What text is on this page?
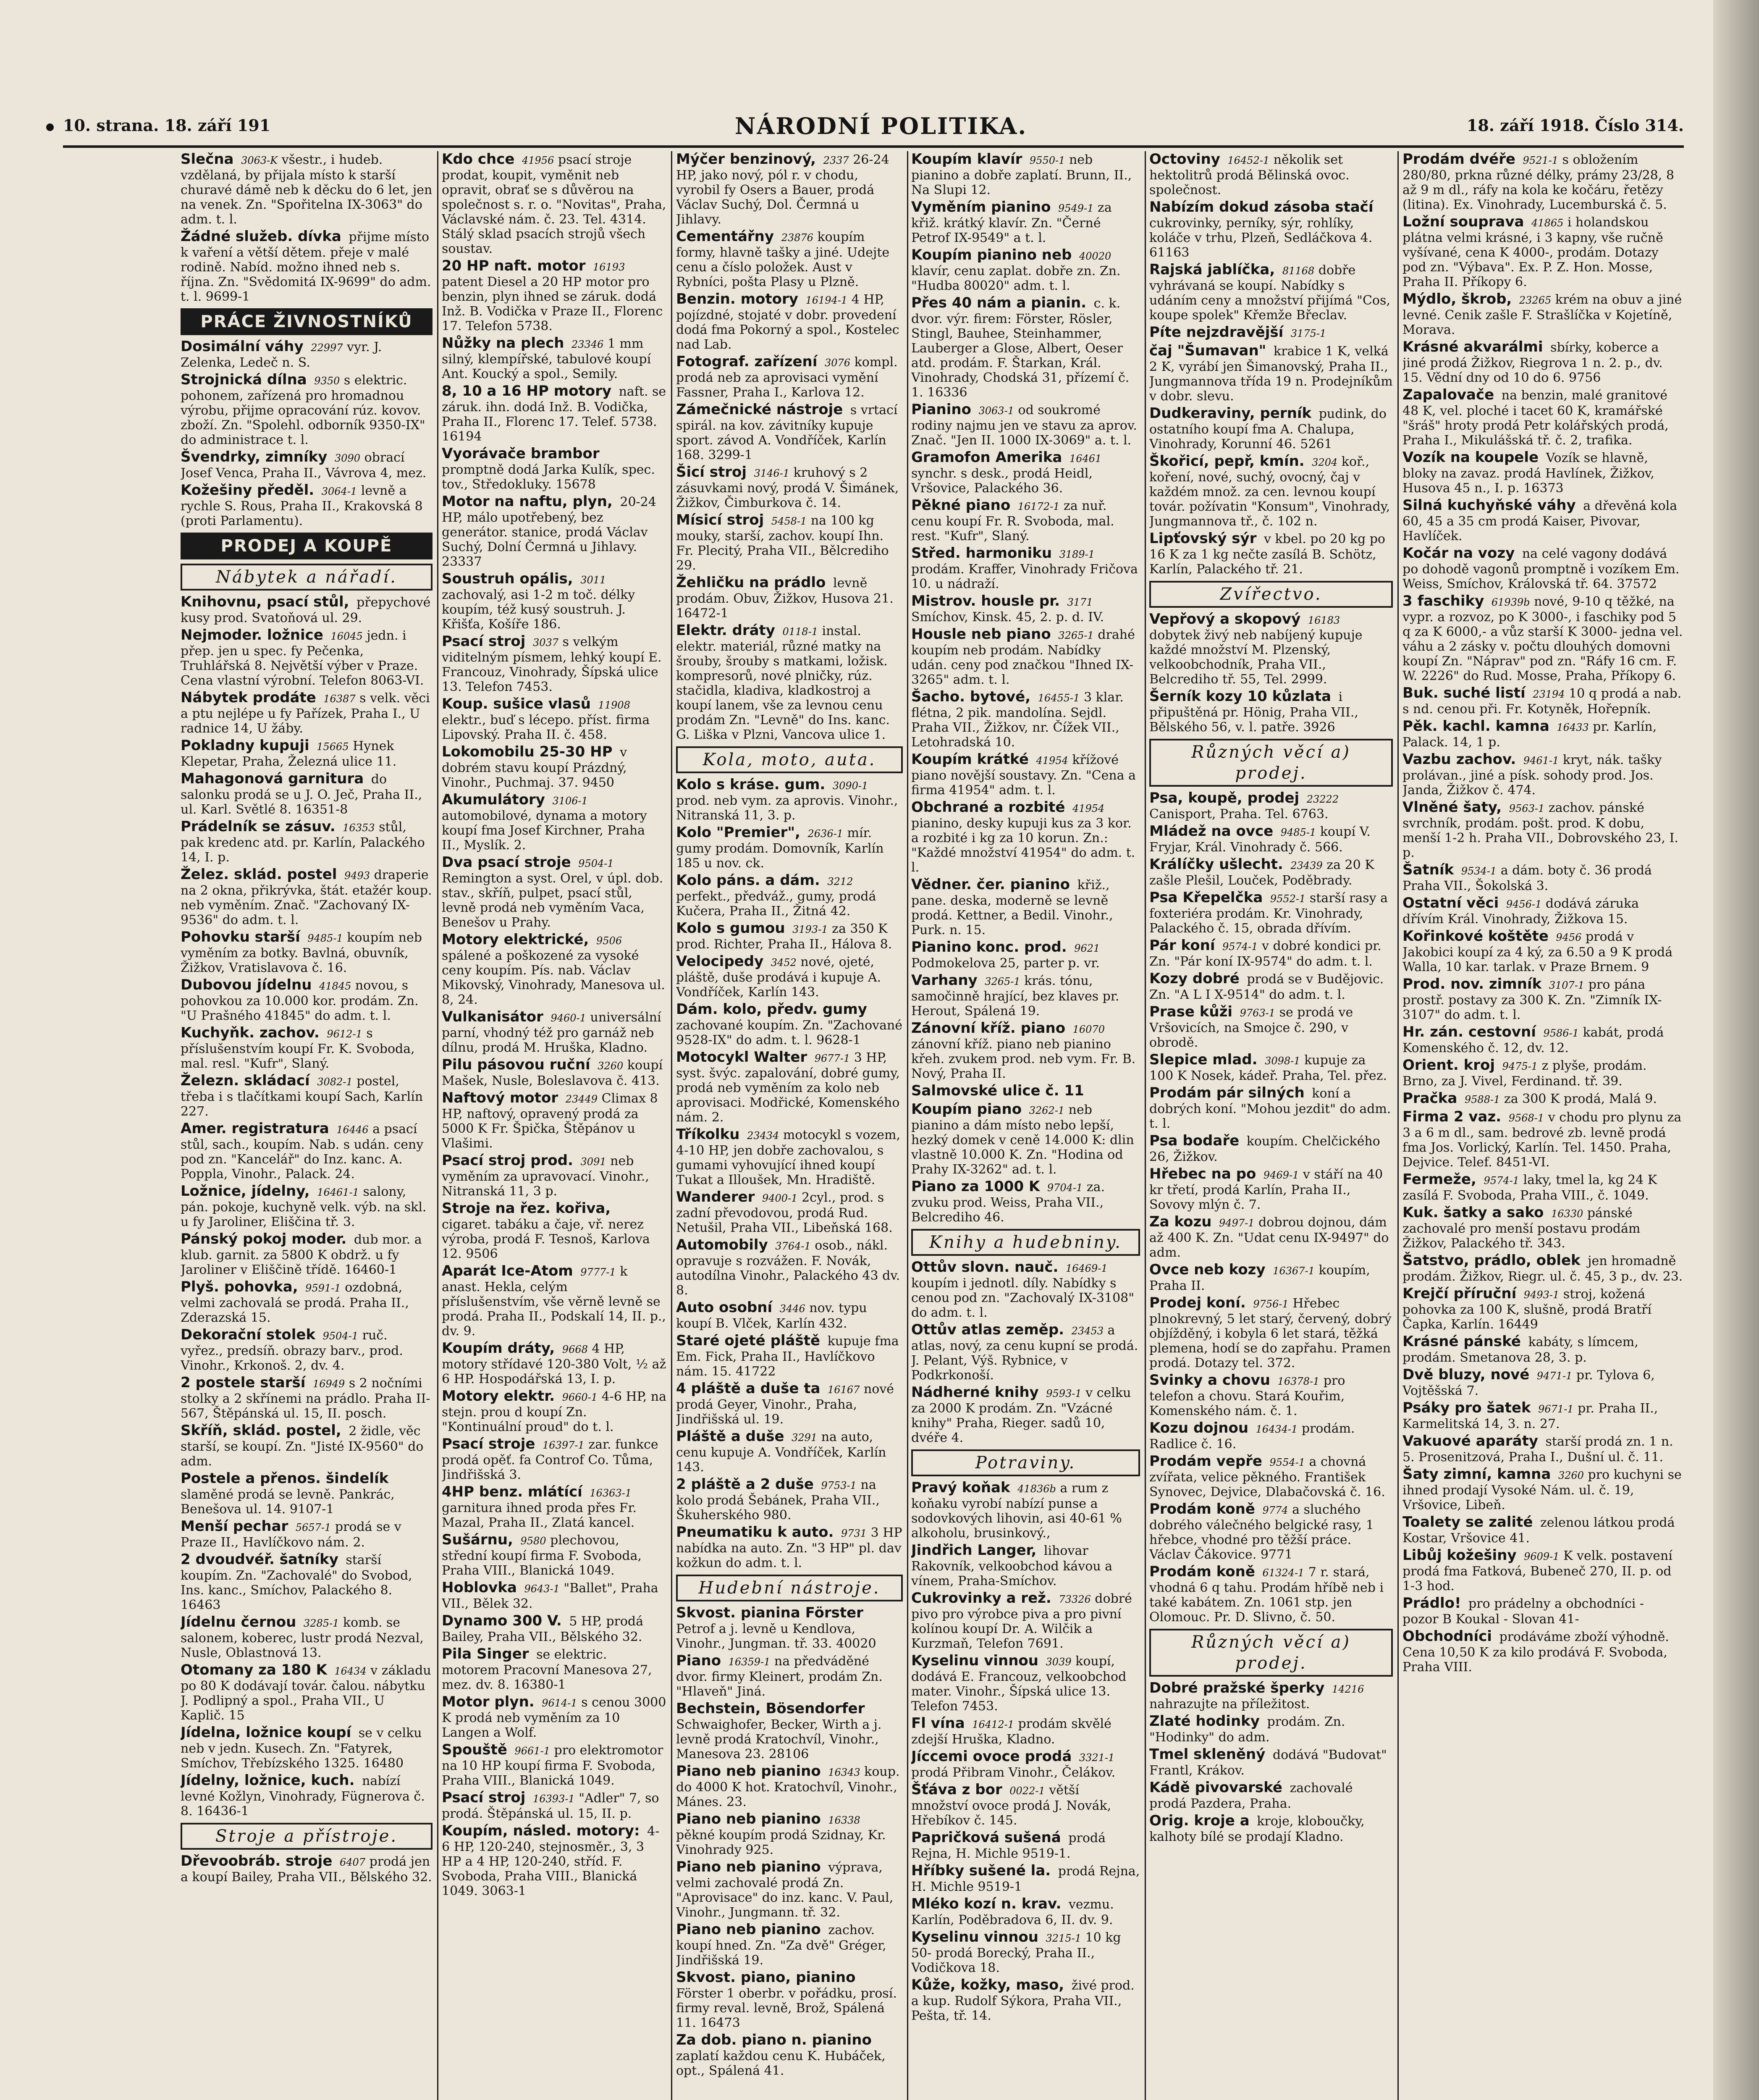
10. strana. 18. září 191	NÁRODNÍ POLITIKA.	18. září 1918. Číslo 314.

Slečna 3063-K všestr., i hudeb. vzdělaná, by přijala místo k starší churavé dámě neb k děcku do 6 let, jen na venek. Zn. "Spořitelna IX-3063" do adm. t. l.

Žádné služeb. dívka přijme místo k vaření a větší dětem. přeje v malé rodině. Nabíd. možno ihned neb s. října. Zn. "Svědomitá IX-9699" do adm. t. l. 9699-1

PRÁCE ŽIVNOSTNÍKŮ

Dosimální váhy 22997 vyr. J. Zelenka, Ledeč n. S.

Strojnická dílna 9350 s elektric. pohonem, zařízená pro hromadnou výrobu, přijme opracování rúz. kovov. zboží. Zn. "Spolehl. odborník 9350-IX" do administrace t. l.

Švendrky, zimníky 3090 obrací Josef Venca, Praha II., Vávrova 4, mez.

Kožešiny předěl. 3064-1 levně a rychle S. Rous, Praha II., Krakovská 8 (proti Parlamentu).

PRODEJ A KOUPĚ
Nábytek a nářadí.

Knihovnu, psací stůl, přepychové kusy prod. Svatoňová ul. 29.

Nejmoder. ložnice 16045 jedn. i přep. jen u spec. fy Pečenka, Truhlářská 8. Největší výber v Praze. Cena vlastní výrobní. Telefon 8063-VI.

Nábytek prodáte 16387 s velk. věci a ptu nejlépe u fy Pařízek, Praha I., U radnice 14, U žáby.

Pokladny kupuji 15665 Hynek Klepetar, Praha, Železná ulice 11.

Mahagonová garnitura do salonku prodá se u J. O. Ječ, Praha II., ul. Karl. Světlé 8. 16351-8

Prádelník se zásuv. 16353 stůl, pak kredenc atd. pr. Karlín, Palackého 14, I. p.

Želez. sklád. postel 9493 draperie na 2 okna, přikrývka, štát. etažér koup. neb vyměním. Znač. "Zachovaný IX-9536" do adm. t. l.

Pohovku starší 9485-1 koupím neb vyměním za botky. Bavlná, obuvník, Žižkov, Vratislavova č. 16.

Dubovou jídelnu 41845 novou, s pohovkou za 10.000 kor. prodám. Zn. "U Prašného 41845" do adm. t. l.

Kuchyňk. zachov. 9612-1 s příslušenstvím koupí Fr. K. Svoboda, mal. resl. "Kufr", Slaný.

Železn. skládací 3082-1 postel, třeba i s tlačítkami koupí Sach, Karlín 227.

Amer. registratura 16446 a psací stůl, sach., koupím. Nab. s udán. ceny pod zn. "Kancelář" do Inz. kanc. A. Poppla, Vinohr., Palack. 24.

Ložnice, jídelny, 16461-1 salony, pán. pokoje, kuchyně velk. výb. na skl. u fy Jaroliner, Eliščina tř. 3.

Pánský pokoj moder. dub mor. a klub. garnit. za 5800 K obdrž. u fy Jaroliner v Eliščině třídě. 16460-1

Plyš. pohovka, 9591-1 ozdobná, velmi zachovalá se prodá. Praha II., Zderazská 15.

Dekorační stolek 9504-1 ruč. vyřez., predsíň. obrazy barv., prod. Vinohr., Krkonoš. 2, dv. 4.

2 postele starší 16949 s 2 nočními stolky a 2 skřínemi na prádlo. Praha II-567, Štěpánská ul. 15, II. posch.

Skříň, sklád. postel, 2 židle, věc starší, se koupí. Zn. "Jisté IX-9560" do adm.

Postele a přenos. šindelík slaměné prodá se levně. Pankrác, Benešova ul. 14. 9107-1

Menší pechar 5657-1 prodá se v Praze II., Havlíčkovo nám. 2.

2 dvoudvéř. šatníky starší koupím. Zn. "Zachovalé" do Svobod, Ins. kanc., Smíchov, Palackého 8. 16463

Jídelnu černou 3285-1 komb. se salonem, koberec, lustr prodá Nezval, Nusle, Oblastnová 13.

Otomany za 180 K 16434 v základu po 80 K dodávají továr. čalou. nábytku J. Podlipný a spol., Praha VII., U Kaplič. 15

Jídelna, ložnice koupí se v celku neb v jedn. Kusech. Zn. "Fatyrek, Smíchov, Třebízského 1325. 16480

Jídelny, ložnice, kuch. nabízí levné Kožlyn, Vinohrady, Fügnerova č. 8. 16436-1

Stroje a přístroje.

Dřevoobráb. stroje 6407 prodá jen a koupí Bailey, Praha VII., Bělského 32.

Kdo chce 41956 psací stroje prodat, koupit, vyměnit neb opravit, obrať se s důvěrou na společnost s. r. o. "Novitas", Praha, Václavské nám. č. 23. Tel. 4314. Stálý sklad psacích strojů všech soustav.

20 HP naft. motor 16193 patent Diesel a 20 HP motor pro benzin, plyn ihned se záruk. dodá Inž. B. Vodička v Praze II., Florenc 17. Telefon 5738.

Nůžky na plech 23346 1 mm silný, klempířské, tabulové koupí Ant. Koucký a spol., Semily.

8, 10 a 16 HP motory naft. se záruk. ihn. dodá Inž. B. Vodička, Praha II., Florenc 17. Telef. 5738. 16194

Vyorávače brambor promptně dodá Jarka Kulík, spec. tov., Středokluky. 15678

Motor na naftu, plyn, 20-24 HP, málo upotřebený, bez generátor. stanice, prodá Václav Suchý, Dolní Čermná u Jihlavy. 23337

Soustruh opális, 3011 zachovalý, asi 1-2 m toč. délky koupím, též kusý soustruh. J. Křišťa, Košíře 186.

Psací stroj 3037 s velkým viditelným písmem, lehký koupí E. Francouz, Vinohrady, Šípská ulice 13. Telefon 7453.

Koup. sušice vlasů 11908 elektr., buď s lécepo. příst. firma Lipovský. Praha II. č. 458.

Lokomobilu 25-30 HP v dobrém stavu koupí Prázdný, Vinohr., Puchmaj. 37. 9450

Akumulátory 3106-1 automobilové, dynama a motory koupí fma Josef Kirchner, Praha II., Myslík. 2.

Dva psací stroje 9504-1 Remington a syst. Orel, v úpl. dob. stav., skříň, pulpet, psací stůl, levně prodá neb vyměním Vaca, Benešov u Prahy.

Motory elektrické, 9506 spálené a poškozené za vysoké ceny koupím. Pís. nab. Václav Mikovský, Vinohrady, Manesova ul. 8, 24.

Vulkanisátor 9460-1 universální parní, vhodný též pro garnáž neb dílnu, prodá M. Hruška, Kladno.

Pilu pásovou ruční 3260 koupí Mašek, Nusle, Boleslavova č. 413.

Naftový motor 23449 Climax 8 HP, naftový, opravený prodá za 5000 K Fr. Špička, Štěpánov u Vlašimi.

Psací stroj prod. 3091 neb vyměním za upravovací. Vinohr., Nitranská 11, 3 p.

Stroje na řez. kořiva, cigaret. tabáku a čaje, vř. nerez výroba, prodá F. Tesnoš, Karlova 12. 9506

Aparát Ice-Atom 9777-1 k anast. Hekla, celým příslušenstvím, vše věrně levně se prodá. Praha II., Podskalí 14, II. p., dv. 9.

Koupím dráty, 9668 4 HP, motory střídavé 120-380 Volt, ½ až 6 HP. Hospodářská 13, I. p.

Motory elektr. 9660-1 4-6 HP, na stejn. prou d koupí Zn. "Kontinuální proud" do t. l.

Psací stroje 16397-1 zar. funkce prodá opěť. fa Controf Co. Tůma, Jindřišská 3.

4HP benz. mlátící 16363-1 garnitura ihned proda přes Fr. Mazal, Praha II., Zlatá kancel.

Sušárnu, 9580 plechovou, střední koupí firma F. Svoboda, Praha VIII., Blanická 1049.

Hoblovka 9643-1 "Ballet", Praha VII., Bělek 32.

Dynamo 300 V. 5 HP, prodá Bailey, Praha VII., Bělského 32.

Pila Singer se elektric. motorem Pracovní Manesova 27, mez. dv. 8. 16380-1

Motor plyn. 9614-1 s cenou 3000 K prodá neb vyměním za 10 Langen a Wolf.

Spouště 9661-1 pro elektromotor na 10 HP koupí firma F. Svoboda, Praha VIII., Blanická 1049.

Psací stroj 16393-1 "Adler" 7, so prodá. Štěpánská ul. 15, II. p.

Koupím, násled. motory: 4-6 HP, 120-240, stejnosměr., 3, 3 HP a 4 HP, 120-240, stříd. F. Svoboda, Praha VIII., Blanická 1049. 3063-1

Mýčer benzinový, 2337 26-24 HP, jako nový, pól r. v chodu, vyrobil fy Osers a Bauer, prodá Václav Suchý, Dol. Čermná u Jihlavy.

Cementářny 23876 koupím formy, hlavně tašky a jiné. Udejte cenu a číslo položek. Aust v Rybníci, pošta Plasy u Plzně.

Benzin. motory 16194-1 4 HP, pojízdné, stojaté v dobr. provedení dodá fma Pokorný a spol., Kostelec nad Lab.

Fotograf. zařízení 3076 kompl. prodá neb za aprovisaci vymění Fassner, Praha I., Karlova 12.

Zámečnické nástroje s vrtací spirál. na kov. závitníky kupuje sport. závod A. Vondříček, Karlín 168. 3299-1

Šicí stroj 3146-1 kruhový s 2 zásuvkami nový, prodá V. Šimánek, Žižkov, Čimburkova č. 14.

Mísicí stroj 5458-1 na 100 kg mouky, starší, zachov. koupí Ihn. Fr. Plecitý, Praha VII., Bělcrediho 29.

Žehličku na prádlo levně prodám. Obuv, Žižkov, Husova 21. 16472-1

Elektr. dráty 0118-1 instal. elektr. materiál, různé matky na šrouby, šrouby s matkami, ložisk. kompresorů, nové plničky, rúz. stačidla, kladiva, kladkostroj a koupí lanem, vše za levnou cenu prodám Zn. "Levně" do Ins. kanc. G. Liška v Plzni, Vancova ulice 1.

Kola, moto, auta.

Kolo s kráse. gum. 3090-1 prod. neb vym. za aprovis. Vinohr., Nitranská 11, 3. p.

Kolo "Premier", 2636-1 mír. gumy prodám. Domovník, Karlín 185 u nov. ck.

Kolo páns. a dám. 3212 perfekt., předváž., gumy, prodá Kučera, Praha II., Žitná 42.

Kolo s gumou 3193-1 za 350 K prod. Richter, Praha II., Hálova 8.

Velocipedy 3452 nové, ojeté, pláště, duše prodává i kupuje A. Vondříček, Karlín 143.

Dám. kolo, předv. gumy zachované koupím. Zn. "Zachované 9528-IX" do adm. t. l. 9628-1

Motocykl Walter 9677-1 3 HP, syst. švýc. zapalování, dobré gumy, prodá neb vyměním za kolo neb aprovisaci. Modřické, Komenského nám. 2.

Tříkolku 23434 motocykl s vozem, 4-10 HP, jen dobře zachovalou, s gumami vyhovující ihned koupí Tukat a Illoušek, Mn. Hradiště.

Wanderer 9400-1 2cyl., prod. s zadní převodovou, prodá Rud. Netušil, Praha VII., Libeňská 168.

Automobily 3764-1 osob., nákl. opravuje s rozvážen. F. Novák, autodílna Vinohr., Palackého 43 dv. 8.

Auto osobní 3446 nov. typu koupí B. Vlček, Karlín 432.

Staré ojeté pláště kupuje fma Em. Fick, Praha II., Havlíčkovo nám. 15. 41722

4 pláště a duše ta 16167 nové prodá Geyer, Vinohr., Praha, Jindřišská ul. 19.

Pláště a duše 3291 na auto, cenu kupuje A. Vondříček, Karlín 143.

2 pláště a 2 duše 9753-1 na kolo prodá Šebánek, Praha VII., Škuherského 980.

Pneumatiku k auto. 9731 3 HP nabídka na auto. Zn. "3 HP" pl. dav kožkun do adm. t. l.

Hudební nástroje.

Skvost. pianina Förster Petrof a j. levně u Kendlova, Vinohr., Jungman. tř. 33. 40020

Piano 16359-1 na předváděné dvor. firmy Kleinert, prodám Zn. "Hlaveň" Jiná.

Bechstein, Bösendorfer Schwaighofer, Becker, Wirth a j. levně prodá Kratochvíl, Vinohr., Manesova 23. 28106

Piano neb pianino 16343 koup. do 4000 K hot. Kratochvíl, Vinohr., Mánes. 23.

Piano neb pianino 16338 pěkné koupím prodá Szidnay, Kr. Vinohrady 925.

Piano neb pianino výprava, velmi zachovalé prodá Zn. "Aprovisace" do inz. kanc. V. Paul, Vinohr., Jungmann. tř. 32.

Piano neb pianino zachov. koupí hned. Zn. "Za dvě" Gréger, Jindřišská 19.

Skvost. piano, pianino Förster 1 oberbr. v pořádku, prosí. firmy reval. levně, Brož, Spálená 11. 16473

Za dob. piano n. pianino zaplatí každou cenu K. Hubáček, opt., Spálená 41.

Koupím klavír 9550-1 neb pianino a dobře zaplatí. Brunn, II., Na Slupi 12.

Vyměním pianino 9549-1 za křiž. krátký klavír. Zn. "Černé Petrof IX-9549" a t. l.

Koupím pianino neb 40020 klavír, cenu zaplat. dobře zn. Zn. "Hudba 80020" adm. t. l.

Přes 40 nám a pianin. c. k. dvor. výr. firem: Förster, Rösler, Stingl, Bauhee, Steinhammer, Lauberger a Glose, Albert, Oeser atd. prodám. F. Štarkan, Král. Vinohrady, Chodská 31, přízemí č. 1. 16336

Pianino 3063-1 od soukromé rodiny najmu jen ve stavu za aprov. Znač. "Jen II. 1000 IX-3069" a. t. l.

Gramofon Amerika 16461 synchr. s desk., prodá Heidl, Vršovice, Palackého 36.

Pěkné piano 16172-1 za nuř. cenu koupí Fr. R. Svoboda, mal. rest. "Kufr", Slaný.

Střed. harmoniku 3189-1 prodám. Kraffer, Vinohrady Fričova 10. u nádraží.

Mistrov. housle pr. 3171 Smíchov, Kinsk. 45, 2. p. d. IV.

Housle neb piano 3265-1 drahé koupím neb prodám. Nabídky udán. ceny pod značkou "Ihned IX-3265" adm. t. l.

Šacho. bytové, 16455-1 3 klar. flétna, 2 pik. mandolína. Sejdl. Praha VII., Žižkov, nr. Čížek VII., Letohradská 10.

Koupím krátké 41954 křížové piano novější soustavy. Zn. "Cena a firma 41954" adm. t. l.

Obchrané a rozbité 41954 pianino, desky kupuji kus za 3 kor. a rozbité i kg za 10 korun. Zn.: "Každé množství 41954" do adm. t. l.

Vědner. čer. pianino křiž., pane. deska, moderně se levně prodá. Kettner, a Bedil. Vinohr., Purk. n. 15.

Pianino konc. prod. 9621 Podmokelova 25, parter p. vr.

Varhany 3265-1 krás. tónu, samočinně hrající, bez klaves pr. Herout, Spálená 19.

Zánovní kříž. piano 16070 zánovní kříž. piano neb pianino křeh. zvukem prod. neb vym. Fr. B. Nový, Praha II.

Salmovské ulice č. 11

Koupím piano 3262-1 neb pianino a dám místo nebo lepší, hezký domek v ceně 14.000 K: dlin vlastně 10.000 K. Zn. "Hodina od Prahy IX-3262" ad. t. l.

Piano za 1000 K 9704-1 za. zvuku prod. Weiss, Praha VII., Belcrediho 46.

Knihy a hudebniny.

Ottův slovn. nauč. 16469-1 koupím i jednotl. díly. Nabídky s cenou pod zn. "Zachovalý IX-3108" do adm. t. l.

Ottův atlas zeměp. 23453 a atlas, nový, za cenu kupní se prodá. J. Pelant, Výš. Rybnice, v Podkrkonoší.

Nádherné knihy 9593-1 v celku za 2000 K prodám. Zn. "Vzácné knihy" Praha, Rieger. sadů 10, dvéře 4.

Potraviny.

Pravý koňak 41836b a rum z koňaku vyrobí nabízí punse a sodovkových lihovin, asi 40-61 % alkoholu, brusinkový.,

Jindřich Langer, lihovar Rakovník, velkoobchod kávou a vínem, Praha-Smíchov.

Cukrovinky a rež. 73326 dobré pivo pro výrobce piva a pro pivní kolínou koupí Dr. A. Wilčik a Kurzmaň, Telefon 7691.

Kyselinu vinnou 3039 koupí, dodává E. Francouz, velkoobchod mater. Vinohr., Šípská ulice 13. Telefon 7453.

Fl vína 16412-1 prodám skvělé zdejší Hruška, Kladno.

Jíccemi ovoce prodá 3321-1 prodá Přibram Vinohr., Čelákov.

Šťáva z bor 0022-1 větší množství ovoce prodá J. Novák, Hřebíkov č. 145.

Papričková sušená prodá Rejna, H. Michle 9519-1.

Hříbky sušené la. prodá Rejna, H. Michle 9519-1

Mléko kozí n. krav. vezmu. Karlín, Poděbradova 6, II. dv. 9.

Kyselinu vinnou 3215-1 10 kg 50- prodá Borecký, Praha II., Vodičkova 18.

Kůže, kožky, maso, živé prod. a kup. Rudolf Sýkora, Praha VII., Pešta, tř. 14.

Octoviny 16452-1 několik set hektolitrů prodá Bělinská ovoc. společnost.

Nabízím dokud zásoba stačí cukrovinky, perníky, sýr, rohlíky, koláče v trhu, Plzeň, Sedláčkova 4. 61163

Rajská jablíčka, 81168 dobře vyhrávaná se koupí. Nabídky s udáním ceny a množství přijímá "Cos, koupe spolek" Křemže Břeclav.

Píte nejzdravější 3175-1

čaj "Šumavan" krabice 1 K, velká 2 K, vyrábí jen Šimanovský, Praha II., Jungmannova třída 19 n. Prodejníkům v dobr. slevu.

Dudkeraviny, perník pudink, do ostatního koupí fma A. Chalupa, Vinohrady, Korunní 46. 5261

Škořicí, pepř, kmín. 3204 koř., koření, nové, suchý, ovocný, čaj v každém množ. za cen. levnou koupí továr. požívatin "Konsum", Vinohrady, Jungmannova tř., č. 102 n.

Lipťovský sýr v kbel. po 20 kg po 16 K za 1 kg nečte zasílá B. Schötz, Karlín, Palackého tř. 21.

Zvířectvo.

Vepřový a skopový 16183 dobytek živý neb nabíjený kupuje každé množství M. Plzenský, velkoobchodník, Praha VII., Belcrediho tř. 55, Tel. 2999.

Šerník kozy 10 kůzlata i připuštěná pr. Hönig, Praha VII., Bělského 56, v. l. patře. 3926

Různých věcí a) prodej.

Psa, koupě, prodej 23222 Canisport, Praha. Tel. 6763.

Mládež na ovce 9485-1 koupí V. Fryjar, Král. Vinohrady č. 566.

Králíčky ušlecht. 23439 za 20 K zašle Plešil, Louček, Poděbrady.

Psa Křepelčka 9552-1 starší rasy a foxteriéra prodám. Kr. Vinohrady, Palackého č. 15, obrada dřívím.

Pár koní 9574-1 v dobré kondici pr. Zn. "Pár koní IX-9574" do adm. t. l.

Kozy dobré prodá se v Budějovic. Zn. "A L I X-9514" do adm. t. l.

Prase kůži 9763-1 se prodá ve Vršovicích, na Smojce č. 290, v obrodě.

Slepice mlad. 3098-1 kupuje za 100 K Nosek, kádeř. Praha, Tel. přez.

Prodám pár silných koní a dobrých koní. "Mohou jezdit" do adm. t. l.

Psa bodaře koupím. Chelčického 26, Žižkov.

Hřebec na po 9469-1 v stáří na 40 kr třetí, prodá Karlín, Praha II., Sovovy mlýn č. 7.

Za kozu 9497-1 dobrou dojnou, dám až 400 K. Zn. "Udat cenu IX-9497" do adm.

Ovce neb kozy 16367-1 koupím, Praha II.

Prodej koní. 9756-1 Hřebec plnokrevný, 5 let starý, červený, dobrý objížděný, i kobyla 6 let stará, těžká plemena, hodí se do zapřahu. Pramen prodá. Dotazy tel. 372.

Svinky a chovu 16378-1 pro telefon a chovu. Stará Kouřim, Komenského nám. č. 1.

Kozu dojnou 16434-1 prodám. Radlice č. 16.

Prodám vepře 9554-1 a chovná zvířata, velice pěkného. František Synovec, Dejvice, Dlabačovská č. 16.

Prodám koně 9774 a sluchého dobrého válečného belgické rasy, 1 hřebce, vhodné pro těžší práce. Václav Čákovice. 9771

Prodám koně 61324-1 7 r. stará, vhodná 6 q tahu. Prodám hříbě neb i také kabátem. Zn. 1061 stp. jen Olomouc. Pr. D. Slivno, č. 50.

Různých věcí a) prodej.

Dobré pražské šperky 14216 nahrazujte na příležitost.

Zlaté hodinky prodám. Zn. "Hodinky" do adm.

Tmel skleněný dodává "Budovat" Frantl, Krákov.

Kádě pivovarské zachovalé prodá Pazdera, Praha.

Orig. kroje a kroje, kloboučky, kalhoty bílé se prodají Kladno.

Prodám dvéře 9521-1 s obložením 280/80, prkna různé délky, prámy 23/28, 8 až 9 m dl., ráfy na kola ke kočáru, řetězy (litina). Ex. Vinohrady, Lucemburská č. 5.

Ložní souprava 41865 i holandskou plátna velmi krásné, i 3 kapny, vše ručně vyšívané, cena K 4000-, prodám. Dotazy pod zn. "Výbava". Ex. P. Z. Hon. Mosse, Praha II. Příkopy 6.

Mýdlo, škrob, 23265 krém na obuv a jiné levné. Cenik zašle F. Strašlíčka v Kojetíně, Morava.

Krásné akvarálmi sbírky, koberce a jiné prodá Žižkov, Riegrova 1 n. 2. p., dv. 15. Vědní dny od 10 do 6. 9756

Zapalovače na benzin, malé granitové 48 K, vel. ploché i tacet 60 K, kramářské "šráš" hroty prodá Petr kolářských prodá, Praha I., Mikulášská tř. č. 2, trafika.

Vozík na koupele Vozík se hlavně, bloky na zavaz. prodá Havlínek, Žižkov, Husova 45 n., I. p. 16373

Silná kuchyňské váhy a dřevěná kola 60, 45 a 35 cm prodá Kaiser, Pivovar, Havlíček.

Kočár na vozy na celé vagony dodává po dohodě vagonů promptně i vozíkem Em. Weiss, Smíchov, Královská tř. 64. 37572

3 faschiky 61939b nové, 9-10 q těžké, na vypr. a rozvoz, po K 3000-, i faschiky pod 5 q za K 6000,- a vůz starší K 3000- jedna vel. váhu a 2 zásky v. počtu dlouhých domovni koupí Zn. "Náprav" pod zn. "Ráfy 16 cm. F. W. 2226" do Rud. Mosse, Praha, Příkopy 6.

Buk. suché listí 23194 10 q prodá a nab. s nd. cenou při. Fr. Kotyněk, Hořepník.

Pěk. kachl. kamna 16433 pr. Karlín, Palack. 14, 1 p.

Vazbu zachov. 9461-1 kryt, nák. tašky prolávan., jiné a písk. sohody prod. Jos. Janda, Žižkov č. 474.

Vlněné šaty, 9563-1 zachov. pánské svrchník, prodám. pošt. prod. K dobu, menší 1-2 h. Praha VII., Dobrovského 23, I. p.

Šatník 9534-1 a dám. boty č. 36 prodá Praha VII., Šokolská 3.

Ostatní věci 9456-1 dodává záruka dřívím Král. Vinohrady, Žižkova 15.

Kořinkové koštěte 9456 prodá v Jakobici koupí za 4 ký, za 6.50 a 9 K prodá Walla, 10 kar. tarlak. v Praze Brnem. 9

Prod. nov. zimník 3107-1 pro pána prostř. postavy za 300 K. Zn. "Zimník IX-3107" do adm. t. l.

Hr. zán. cestovní 9586-1 kabát, prodá Komenského č. 12, dv. 12.

Orient. kroj 9475-1 z plyše, prodám. Brno, za J. Vivel, Ferdinand. tř. 39.

Pračka 9588-1 za 300 K prodá, Malá 9.

Firma 2 vaz. 9568-1 v chodu pro plynu za 3 a 6 m dl., sam. bedrové zb. levně prodá fma Jos. Vorlický, Karlín. Tel. 1450. Praha, Dejvice. Telef. 8451-VI.

Fermeže, 9574-1 laky, tmel la, kg 24 K zasílá F. Svoboda, Praha VIII., č. 1049.

Kuk. šatky a sako 16330 pánské zachovalé pro menší postavu prodám Žižkov, Palackého tř. 343.

Šatstvo, prádlo, oblek jen hromadně prodám. Žižkov, Riegr. ul. č. 45, 3 p., dv. 23.

Krejčí příruční 9493-1 stroj, kožená pohovka za 100 K, slušně, prodá Bratří Čapka, Karlín. 16449

Krásné pánské kabáty, s límcem, prodám. Smetanova 28, 3. p.

Dvě bluzy, nové 9471-1 pr. Tylova 6, Vojtěšská 7.

Psáky pro šatek 9671-1 pr. Praha II., Karmelitská 14, 3. n. 27.

Vakuové aparáty starší prodá zn. 1 n. 5. Prosenitzová, Praha I., Dušní ul. č. 11.

Šaty zimní, kamna 3260 pro kuchyni se ihned prodají Vysoké Nám. ul. č. 19, Vršovice, Libeň.

Toalety se zalité zelenou látkou prodá Kostar, Vršovice 41.

Libůj kožešiny 9609-1 K velk. postavení prodá fma Fatková, Bubeneč 270, II. p. od 1-3 hod.

Prádlo! pro prádelny a obchodníci - pozor B Koukal - Slovan 41-

Obchodníci prodáváme zboží výhodně. Cena 10,50 K za kilo prodává F. Svoboda, Praha VIII.
